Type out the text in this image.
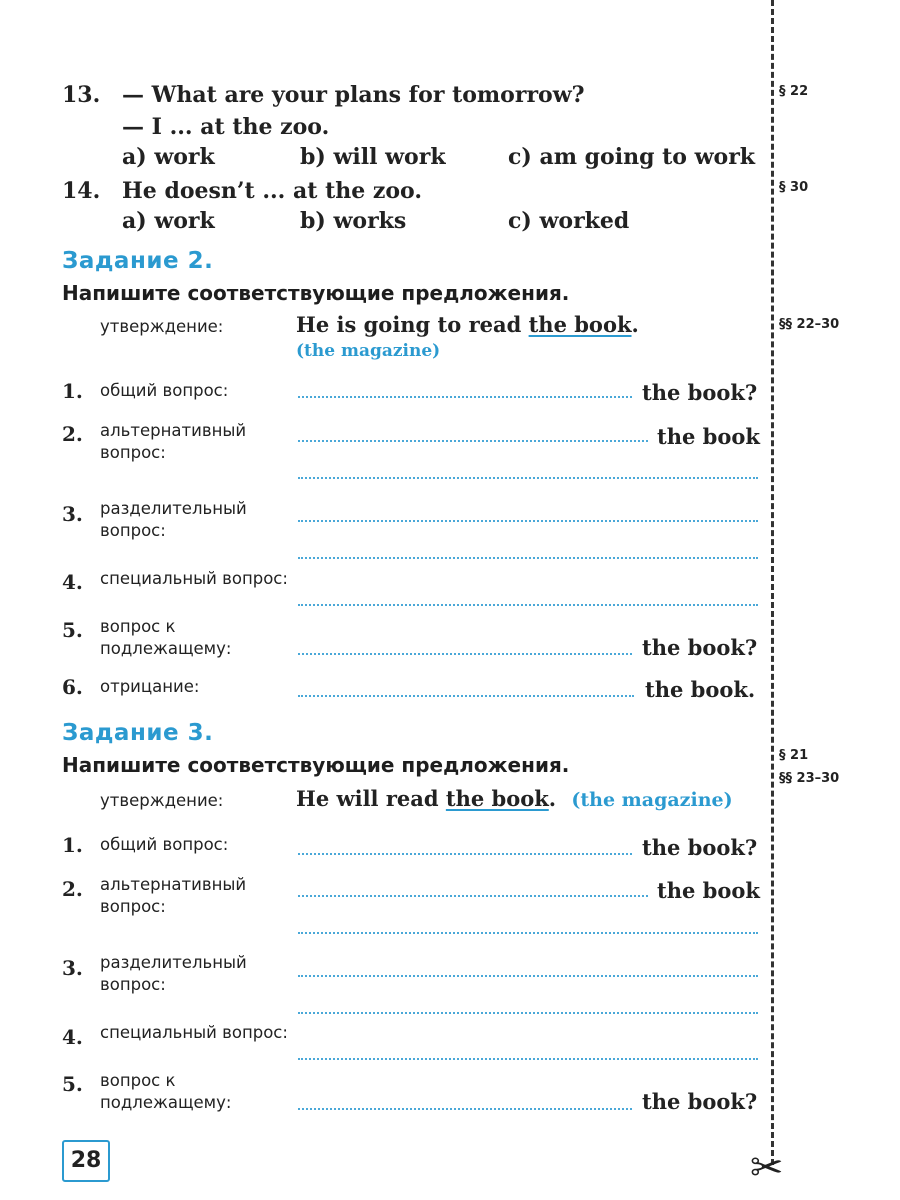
13. — What are your plans for tomorrow?
— I ... at the zoo.
a) work	b) will work	c) am going to work
§ 22
14. He doesn’t ... at the zoo.
a) work	b) works	c) worked
§ 30
Задание 2.
Напишите соответствующие предложения.
§§ 22–30
утверждение:	He is going to read the book.
(the magazine)
1. общий вопрос:	the book?
2. альтернативный вопрос:
the book
3. разделительный вопрос:
4. специальный вопрос:
5. вопрос к подлежащему:	the book?
6. отрицание:	the book.
Задание 3.
Напишите соответствующие предложения.	§ 21
§§ 23–30
утверждение:	He will read the book. (the magazine)
1. общий вопрос:	the book?
2. альтернативный вопрос:
the book
3. разделительный вопрос:
4. специальный вопрос:
5. вопрос к подлежащему:	the book?
28	✂
